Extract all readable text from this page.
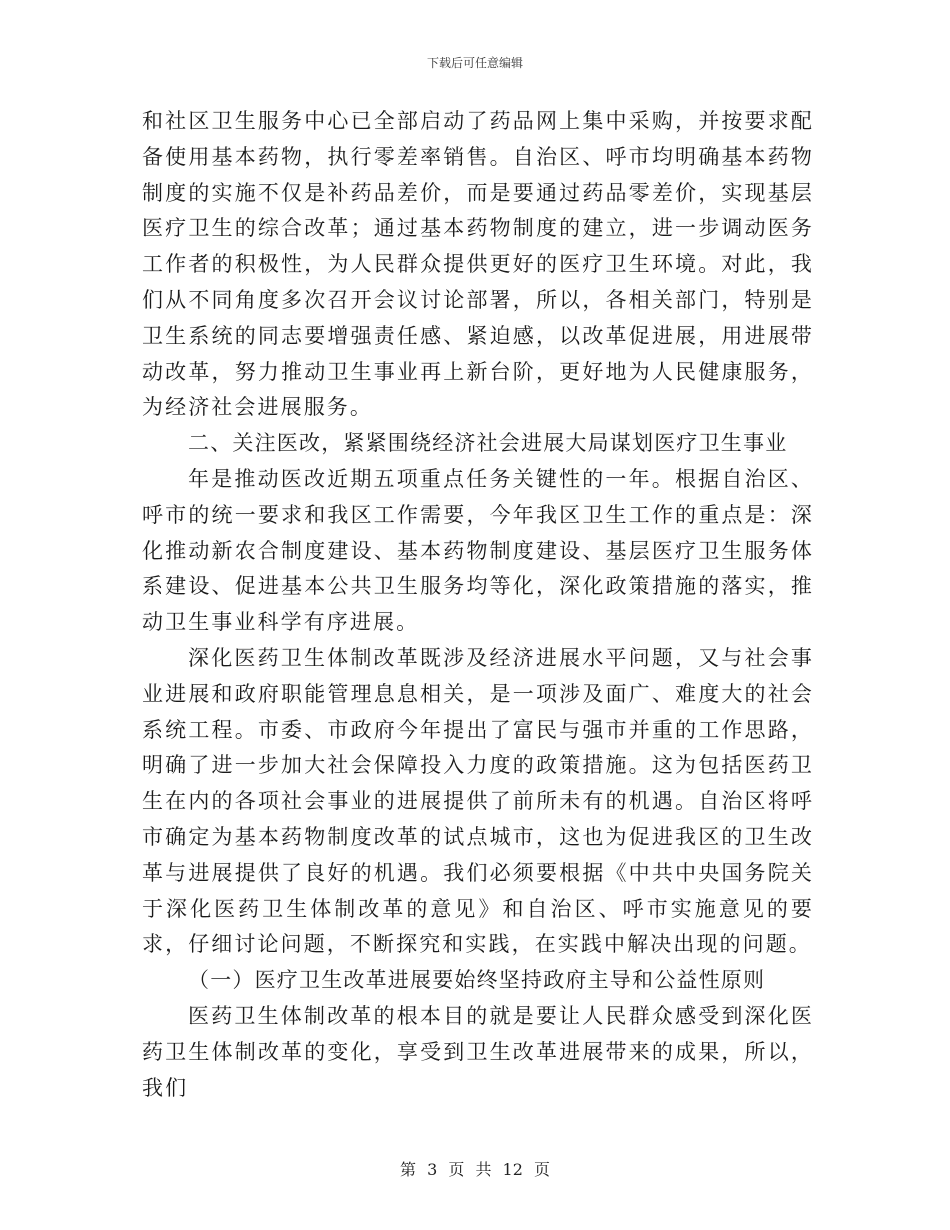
下载后可任意编辑

和社区卫生服务中心已全部启动了药品网上集中采购，并按要求配备使用基本药物，执行零差率销售。自治区、呼市均明确基本药物制度的实施不仅是补药品差价，而是要通过药品零差价，实现基层医疗卫生的综合改革；通过基本药物制度的建立，进一步调动医务工作者的积极性，为人民群众提供更好的医疗卫生环境。对此，我们从不同角度多次召开会议讨论部署，所以，各相关部门，特别是卫生系统的同志要增强责任感、紧迫感，以改革促进展，用进展带动改革，努力推动卫生事业再上新台阶，更好地为人民健康服务，为经济社会进展服务。

二、关注医改，紧紧围绕经济社会进展大局谋划医疗卫生事业

年是推动医改近期五项重点任务关键性的一年。根据自治区、呼市的统一要求和我区工作需要，今年我区卫生工作的重点是：深化推动新农合制度建设、基本药物制度建设、基层医疗卫生服务体系建设、促进基本公共卫生服务均等化，深化政策措施的落实，推动卫生事业科学有序进展。

深化医药卫生体制改革既涉及经济进展水平问题，又与社会事业进展和政府职能管理息息相关，是一项涉及面广、难度大的社会系统工程。市委、市政府今年提出了富民与强市并重的工作思路，明确了进一步加大社会保障投入力度的政策措施。这为包括医药卫生在内的各项社会事业的进展提供了前所未有的机遇。自治区将呼市确定为基本药物制度改革的试点城市，这也为促进我区的卫生改革与进展提供了良好的机遇。我们必须要根据《中共中央国务院关于深化医药卫生体制改革的意见》和自治区、呼市实施意见的要求，仔细讨论问题，不断探究和实践，在实践中解决出现的问题。

（一）医疗卫生改革进展要始终坚持政府主导和公益性原则

医药卫生体制改革的根本目的就是要让人民群众感受到深化医药卫生体制改革的变化，享受到卫生改革进展带来的成果，所以，我们

第 3 页 共 12 页
